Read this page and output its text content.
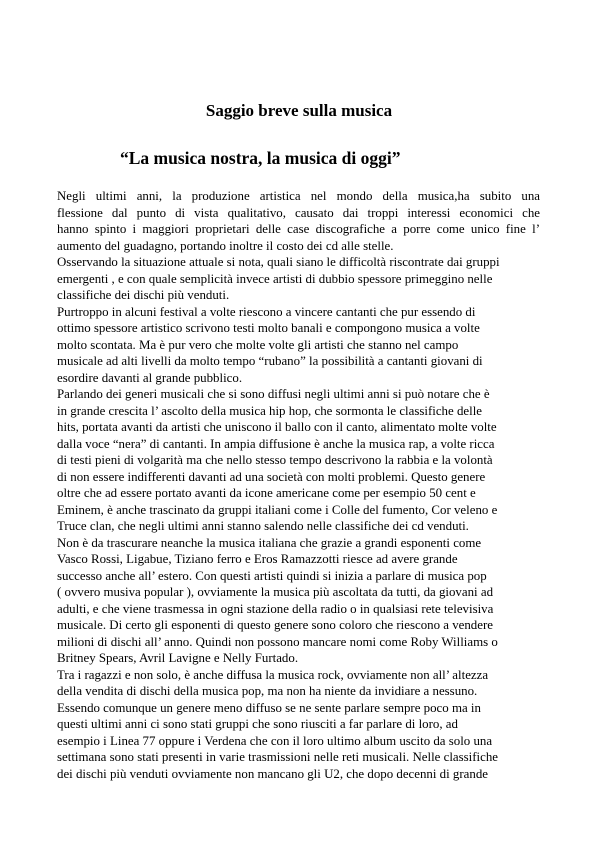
Saggio breve sulla musica
“La musica nostra, la musica di oggi”
Negli ultimi anni, la produzione artistica nel mondo della musica,ha subito una
flessione dal punto di vista qualitativo, causato dai troppi interessi economici che
hanno spinto i maggiori proprietari delle case discografiche a porre come unico fine l’
aumento del guadagno, portando inoltre il costo dei cd alle stelle.
Osservando la situazione attuale si nota, quali siano le difficoltà riscontrate dai gruppi
emergenti , e con quale semplicità invece artisti di dubbio spessore primeggino nelle
classifiche dei dischi più venduti.
Purtroppo in alcuni festival a volte riescono a vincere cantanti che pur essendo di
ottimo spessore artistico scrivono testi molto banali e compongono musica a volte
molto scontata. Ma è pur vero che molte volte gli artisti che stanno nel campo
musicale ad alti livelli da molto tempo “rubano” la possibilità a cantanti giovani di
esordire davanti al grande pubblico.
Parlando dei generi musicali che si sono diffusi negli ultimi anni si può notare che è
in grande crescita l’ ascolto della musica hip hop, che sormonta le classifiche delle
hits, portata avanti da artisti che uniscono il ballo con il canto, alimentato molte volte
dalla voce “nera” di cantanti. In ampia diffusione è anche la musica rap, a volte ricca
di testi pieni di volgarità ma che nello stesso tempo descrivono la rabbia e la volontà
di non essere indifferenti davanti ad una società con molti problemi. Questo genere
oltre che ad essere portato avanti da icone americane come per esempio 50 cent e
Eminem, è anche trascinato da gruppi italiani come i Colle del fumento, Cor veleno e
Truce clan, che negli ultimi anni stanno salendo nelle classifiche dei cd venduti.
Non è da trascurare neanche la musica italiana che grazie a grandi esponenti come
Vasco Rossi, Ligabue, Tiziano ferro e Eros Ramazzotti riesce ad avere grande
successo anche all’ estero. Con questi artisti quindi si inizia a parlare di musica pop
( ovvero musiva popular ), ovviamente la musica più ascoltata da tutti, da giovani ad
adulti, e che viene trasmessa in ogni stazione della radio o in qualsiasi rete televisiva
musicale. Di certo gli esponenti di questo genere sono coloro che riescono a vendere
milioni di dischi all’ anno. Quindi non possono mancare nomi come Roby Williams o
Britney Spears, Avril Lavigne e Nelly Furtado.
Tra i ragazzi e non solo, è anche diffusa la musica rock, ovviamente non all’ altezza
della vendita di dischi della musica pop, ma non ha niente da invidiare a nessuno.
Essendo comunque un genere meno diffuso se ne sente parlare sempre poco ma in
questi ultimi anni ci sono stati gruppi che sono riusciti a far parlare di loro, ad
esempio i Linea 77 oppure i Verdena che con il loro ultimo album uscito da solo una
settimana sono stati presenti in varie trasmissioni nelle reti musicali. Nelle classifiche
dei dischi più venduti ovviamente non mancano gli U2, che dopo decenni di grande
